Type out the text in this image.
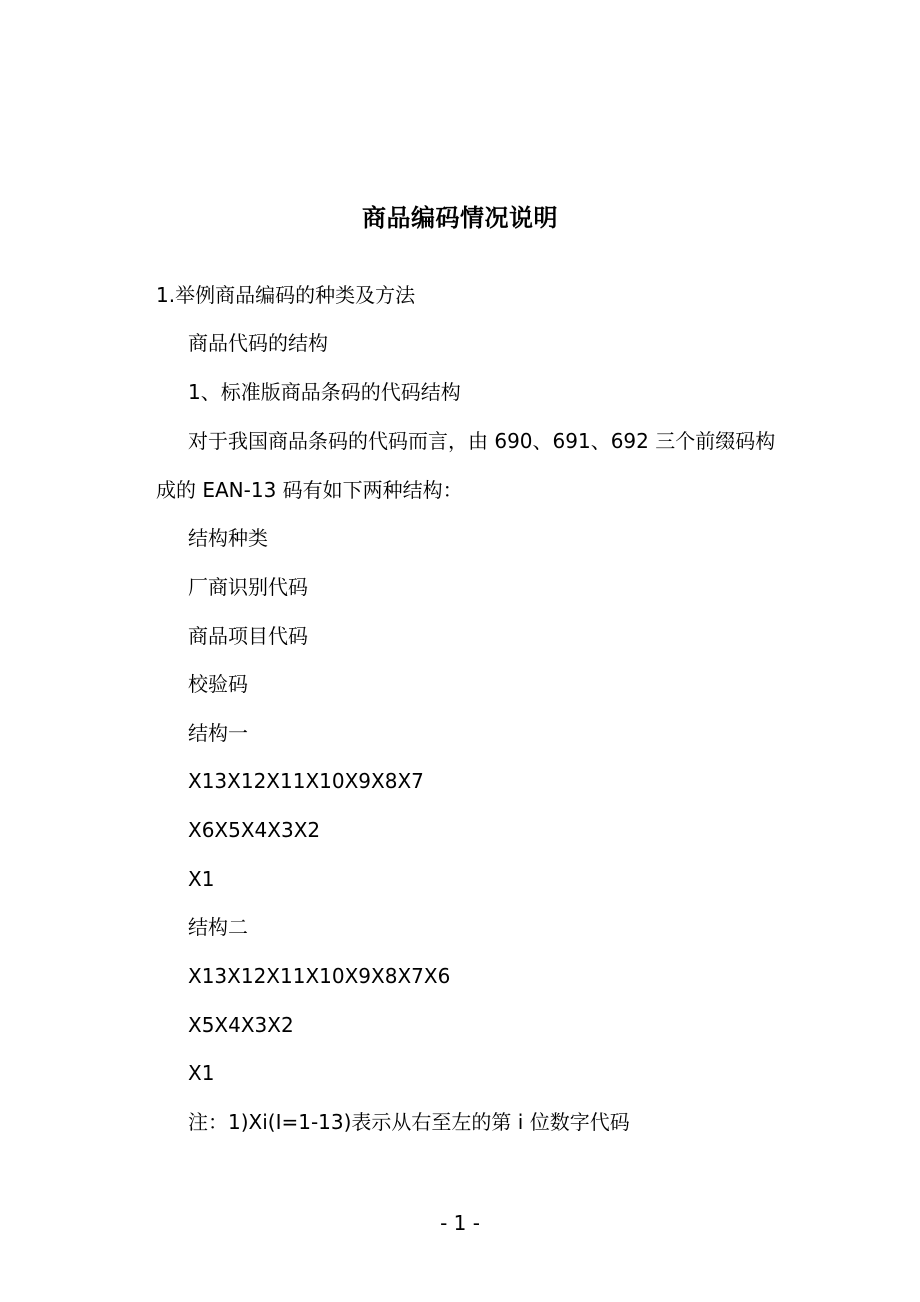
商品编码情况说明
1.举例商品编码的种类及方法
商品代码的结构
1、标准版商品条码的代码结构
对于我国商品条码的代码而言，由 690、691、692 三个前缀码构
成的 EAN-13 码有如下两种结构：
结构种类
厂商识别代码
商品项目代码
校验码
结构一
X13X12X11X10X9X8X7
X6X5X4X3X2
X1
结构二
X13X12X11X10X9X8X7X6
X5X4X3X2
X1
注：1)Xi(I=1-13)表示从右至左的第 i 位数字代码
- 1 -
